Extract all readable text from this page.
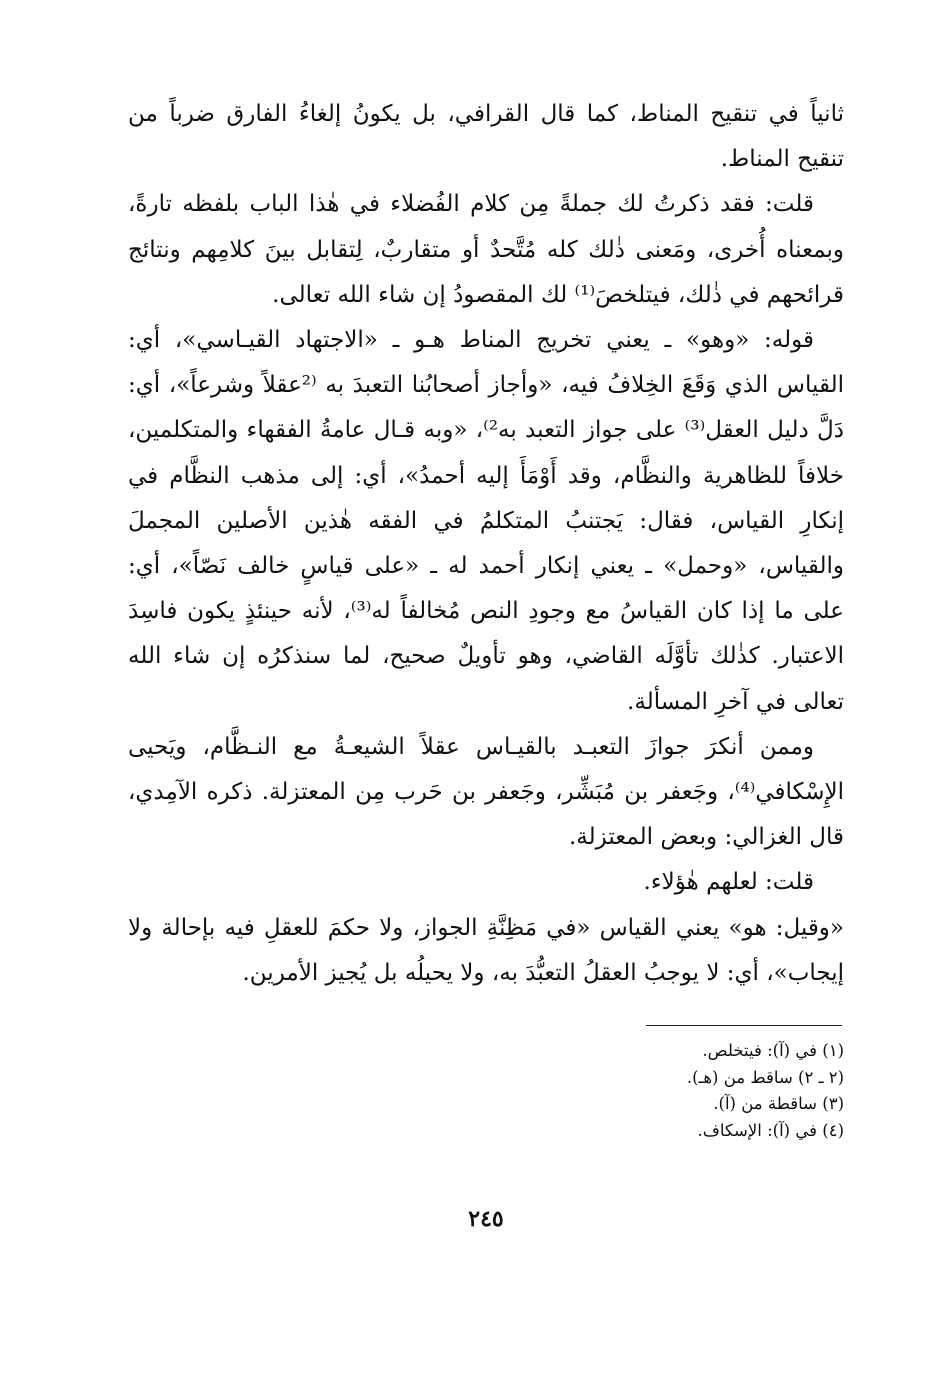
ثانياً في تنقيح المناط، كما قال القرافي، بل يكونُ إلغاءُ الفارق ضرباً من تنقيح المناط.

قلت: فقد ذكرتُ لك جملةً مِن كلام الفُضلاء في هٰذا الباب بلفظه تارةً، وبمعناه أُخرى، ومَعنى ذٰلك كله مُتَّحدٌ أو متقاربٌ، لِتقابل بينَ كلامِهم ونتائج قرائحهم في ذٰلك، فيتلخصَ⁽¹⁾ لك المقصودُ إن شاء الله تعالى.

قوله: «وهو» ـ يعني تخريج المناط هـو ـ «الاجتهاد القيـاسي»، أي: القياس الذي وَقَعَ الخِلافُ فيه، «وأجاز أصحابُنا التعبدَ به ⁽²عقلاً وشرعاً»، أي: دَلَّ دليل العقل⁽³⁾ على جواز التعبد به²⁾، «وبه قـال عامةُ الفقهاء والمتكلمين، خلافاً للظاهرية والنظَّام، وقد أَوْمَأَ إليه أحمدُ»، أي: إلى مذهب النظَّام في إنكارِ القياس، فقال: يَجتنبُ المتكلمُ في الفقه هٰذين الأصلين المجملَ والقياس، «وحمل» ـ يعني إنكار أحمد له ـ «على قياسٍ خالف نَصّاً»، أي: على ما إذا كان القياسُ مع وجودِ النص مُخالفاً له⁽³⁾، لأنه حينئذٍ يكون فاسِدَ الاعتبار. كذٰلك تأوَّلَه القاضي، وهو تأويلٌ صحيح، لما سنذكرُه إن شاء الله تعالى في آخرِ المسألة.

وممن أنكرَ جوازَ التعبـد بالقيـاس عقلاً الشيعـةُ مع النـظَّام، ويَحيى الإِسْكافي⁽⁴⁾، وجَعفر بن مُبَشِّر، وجَعفر بن حَرب مِن المعتزلة. ذكره الآمِدي، قال الغزالي: وبعض المعتزلة.

قلت: لعلهم هٰؤلاء.

«وقيل: هو» يعني القياس «في مَظِنَّةِ الجواز، ولا حكمَ للعقلِ فيه بإحالة ولا إيجاب»، أي: لا يوجبُ العقلُ التعبُّدَ به، ولا يحيلُه بل يُجيز الأمرين.

(١) في (آ): فيتخلص.
(٢ ـ ٢) ساقط من (هـ).
(٣) ساقطة من (آ).
(٤) في (آ): الإسكاف.
٢٤٥
